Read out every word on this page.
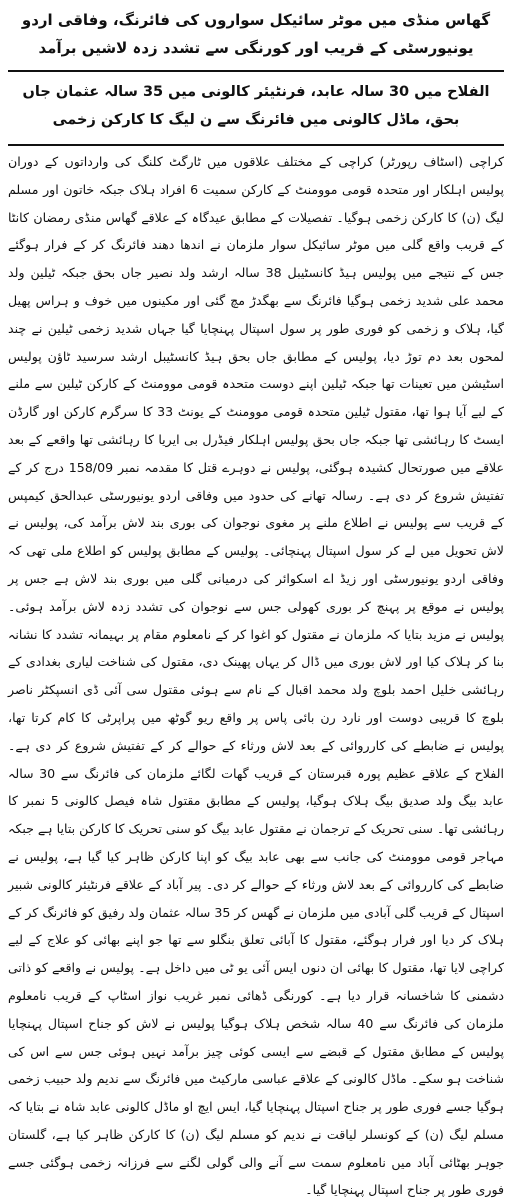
گھاس منڈی میں موٹر سائیکل سواروں کی فائرنگ، وفاقی اردو یونیورسٹی کے قریب اور کورنگی سے تشدد زدہ لاشیں برآمد
الفلاح میں 30 سالہ عابد، فرنٹیئر کالونی میں 35 سالہ عثمان جاں بحق، ماڈل کالونی میں فائرنگ سے ن لیگ کا کارکن زخمی

کراچی (اسٹاف رپورٹر) کراچی کے مختلف علاقوں میں ٹارگٹ کلنگ کی وارداتوں کے دوران پولیس اہلکار اور متحدہ قومی موومنٹ کے کارکن سمیت 6 افراد ہلاک جبکہ خاتون اور مسلم لیگ (ن) کا کارکن زخمی ہوگیا۔ تفصیلات کے مطابق عیدگاہ کے علاقے گھاس منڈی رمضان کانٹا کے قریب واقع گلی میں موٹر سائیکل سوار ملزمان نے اندھا دھند فائرنگ کر کے فرار ہوگئے جس کے نتیجے میں پولیس ہیڈ کانسٹیبل 38 سالہ ارشد ولد نصیر جاں بحق جبکہ ٹیلین ولد محمد علی شدید زخمی ہوگیا فائرنگ سے بھگدڑ مچ گئی اور مکینوں میں خوف و ہراس پھیل گیا، ہلاک و زخمی کو فوری طور پر سول اسپتال پہنچایا گیا جہاں شدید زخمی ٹیلین نے چند لمحوں بعد دم توڑ دیا، پولیس کے مطابق جاں بحق ہیڈ کانسٹیبل ارشد سرسید ٹاؤن پولیس اسٹیشن میں تعینات تھا جبکہ ٹیلین اپنے دوست متحدہ قومی موومنٹ کے کارکن ٹیلین سے ملنے کے لیے آیا ہوا تھا، مقتول ٹیلین متحدہ قومی موومنٹ کے یونٹ 33 کا سرگرم کارکن اور گارڈن ایسٹ کا رہائشی تھا جبکہ جاں بحق پولیس اہلکار فیڈرل بی ایریا کا رہائشی تھا واقعے کے بعد علاقے میں صورتحال کشیدہ ہوگئی، پولیس نے دوہرے قتل کا مقدمہ نمبر 158/09 درج کر کے تفتیش شروع کر دی ہے۔ رسالہ تھانے کی حدود میں وفاقی اردو یونیورسٹی عبدالحق کیمپس کے قریب سے پولیس نے اطلاع ملنے پر مغوی نوجوان کی بوری بند لاش برآمد کی، پولیس نے لاش تحویل میں لے کر سول اسپتال پہنچائی۔ پولیس کے مطابق پولیس کو اطلاع ملی تھی کہ وفاقی اردو یونیورسٹی اور زیڈ اے اسکوائر کی درمیانی گلی میں بوری بند لاش ہے جس پر پولیس نے موقع پر پہنچ کر بوری کھولی جس سے نوجوان کی تشدد زدہ لاش برآمد ہوئی۔ پولیس نے مزید بتایا کہ ملزمان نے مقتول کو اغوا کر کے نامعلوم مقام پر بہیمانہ تشدد کا نشانہ بنا کر ہلاک کیا اور لاش بوری میں ڈال کر یہاں پھینک دی، مقتول کی شناخت لیاری بغدادی کے رہائشی خلیل احمد بلوچ ولد محمد اقبال کے نام سے ہوئی مقتول سی آئی ڈی انسپکٹر ناصر بلوچ کا قریبی دوست اور نارد رن بائی پاس پر واقع ریو گوٹھ میں پراپرٹی کا کام کرتا تھا، پولیس نے ضابطے کی کارروائی کے بعد لاش ورثاء کے حوالے کر کے تفتیش شروع کر دی ہے۔ الفلاح کے علاقے عظیم پورہ قبرستان کے قریب گھات لگائے ملزمان کی فائرنگ سے 30 سالہ عابد بیگ ولد صدیق بیگ ہلاک ہوگیا، پولیس کے مطابق مقتول شاہ فیصل کالونی 5 نمبر کا رہائشی تھا۔ سنی تحریک کے ترجمان نے مقتول عابد بیگ کو سنی تحریک کا کارکن بتایا ہے جبکہ مہاجر قومی موومنٹ کی جانب سے بھی عابد بیگ کو اپنا کارکن ظاہر کیا گیا ہے، پولیس نے ضابطے کی کارروائی کے بعد لاش ورثاء کے حوالے کر دی۔ پیر آباد کے علاقے فرنٹیئر کالونی شبیر اسپتال کے قریب گلی آبادی میں ملزمان نے گھس کر 35 سالہ عثمان ولد رفیق کو فائرنگ کر کے ہلاک کر دیا اور فرار ہوگئے، مقتول کا آبائی تعلق بنگلو سے تھا جو اپنے بھائی کو علاج کے لیے کراچی لایا تھا، مقتول کا بھائی ان دنوں ایس آئی یو ٹی میں داخل ہے۔ پولیس نے واقعے کو ذاتی دشمنی کا شاخسانہ قرار دیا ہے۔ کورنگی ڈھائی نمبر غریب نواز اسٹاپ کے قریب نامعلوم ملزمان کی فائرنگ سے 40 سالہ شخص ہلاک ہوگیا پولیس نے لاش کو جناح اسپتال پہنچایا پولیس کے مطابق مقتول کے قبضے سے ایسی کوئی چیز برآمد نہیں ہوئی جس سے اس کی شناخت ہو سکے۔ ماڈل کالونی کے علاقے عباسی مارکیٹ میں فائرنگ سے ندیم ولد حبیب زخمی ہوگیا جسے فوری طور پر جناح اسپتال پہنچایا گیا، ایس ایچ او ماڈل کالونی عابد شاہ نے بتایا کہ مسلم لیگ (ن) کے کونسلر لیاقت نے ندیم کو مسلم لیگ (ن) کا کارکن ظاہر کیا ہے، گلستان جوہر بھٹائی آباد میں نامعلوم سمت سے آنے والی گولی لگنے سے فرزانہ زخمی ہوگئی جسے فوری طور پر جناح اسپتال پہنچایا گیا۔
